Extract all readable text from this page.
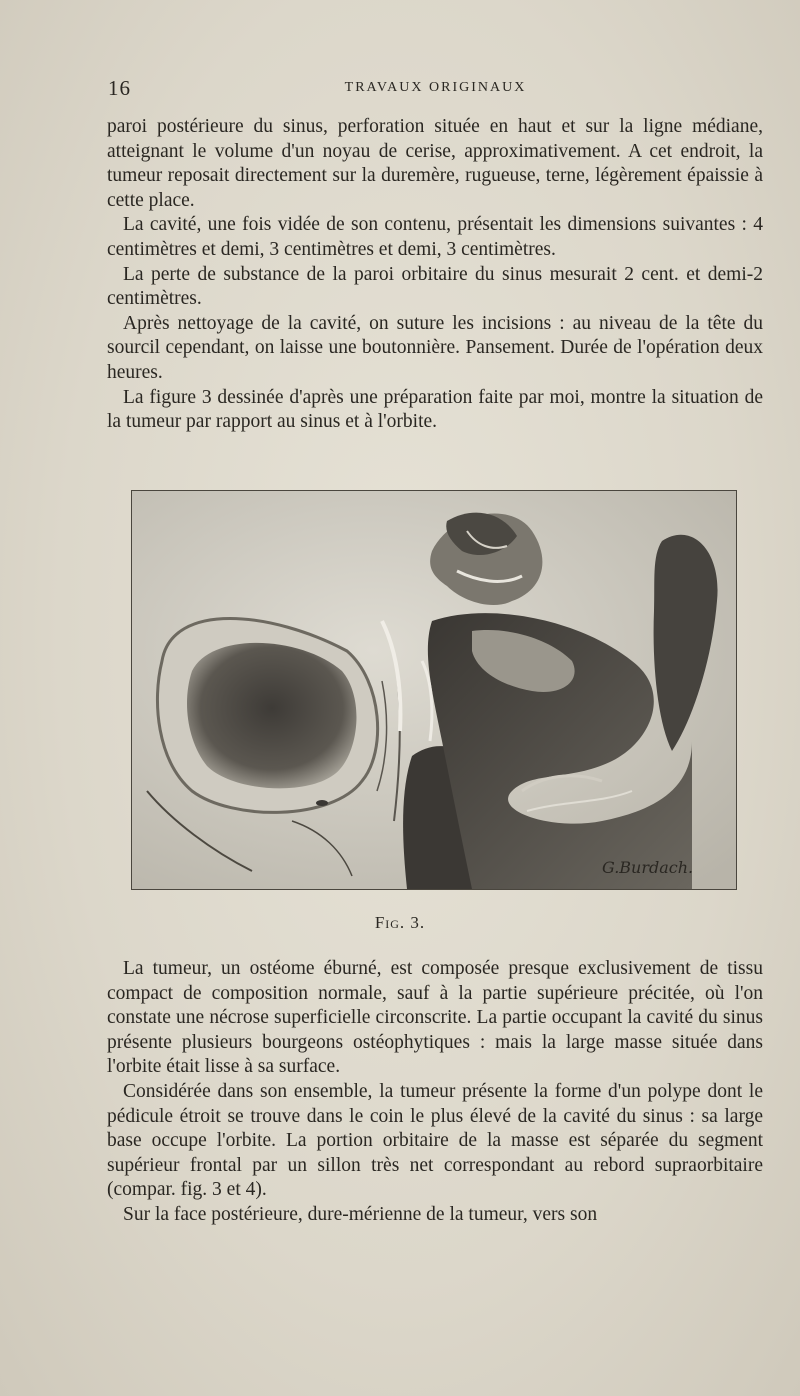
16	TRAVAUX ORIGINAUX

paroi postérieure du sinus, perforation située en haut et sur la ligne médiane, atteignant le volume d'un noyau de cerise, approximativement. A cet endroit, la tumeur reposait directement sur la duremère, rugueuse, terne, légèrement épaissie à cette place.

La cavité, une fois vidée de son contenu, présentait les dimensions suivantes : 4 centimètres et demi, 3 centimètres et demi, 3 centimètres.

La perte de substance de la paroi orbitaire du sinus mesurait 2 cent. et demi-2 centimètres.

Après nettoyage de la cavité, on suture les incisions : au niveau de la tête du sourcil cependant, on laisse une boutonnière. Pansement. Durée de l'opération deux heures.

La figure 3 dessinée d'après une préparation faite par moi, montre la situation de la tumeur par rapport au sinus et à l'orbite.

G.Burdach.
Fig. 3.

La tumeur, un ostéome éburné, est composée presque exclusivement de tissu compact de composition normale, sauf à la partie supérieure précitée, où l'on constate une nécrose superficielle circonscrite. La partie occupant la cavité du sinus présente plusieurs bourgeons ostéophytiques : mais la large masse située dans l'orbite était lisse à sa surface.

Considérée dans son ensemble, la tumeur présente la forme d'un polype dont le pédicule étroit se trouve dans le coin le plus élevé de la cavité du sinus : sa large base occupe l'orbite. La portion orbitaire de la masse est séparée du segment supérieur frontal par un sillon très net correspondant au rebord supraorbitaire (compar. fig. 3 et 4).

Sur la face postérieure, dure-mérienne de la tumeur, vers son
